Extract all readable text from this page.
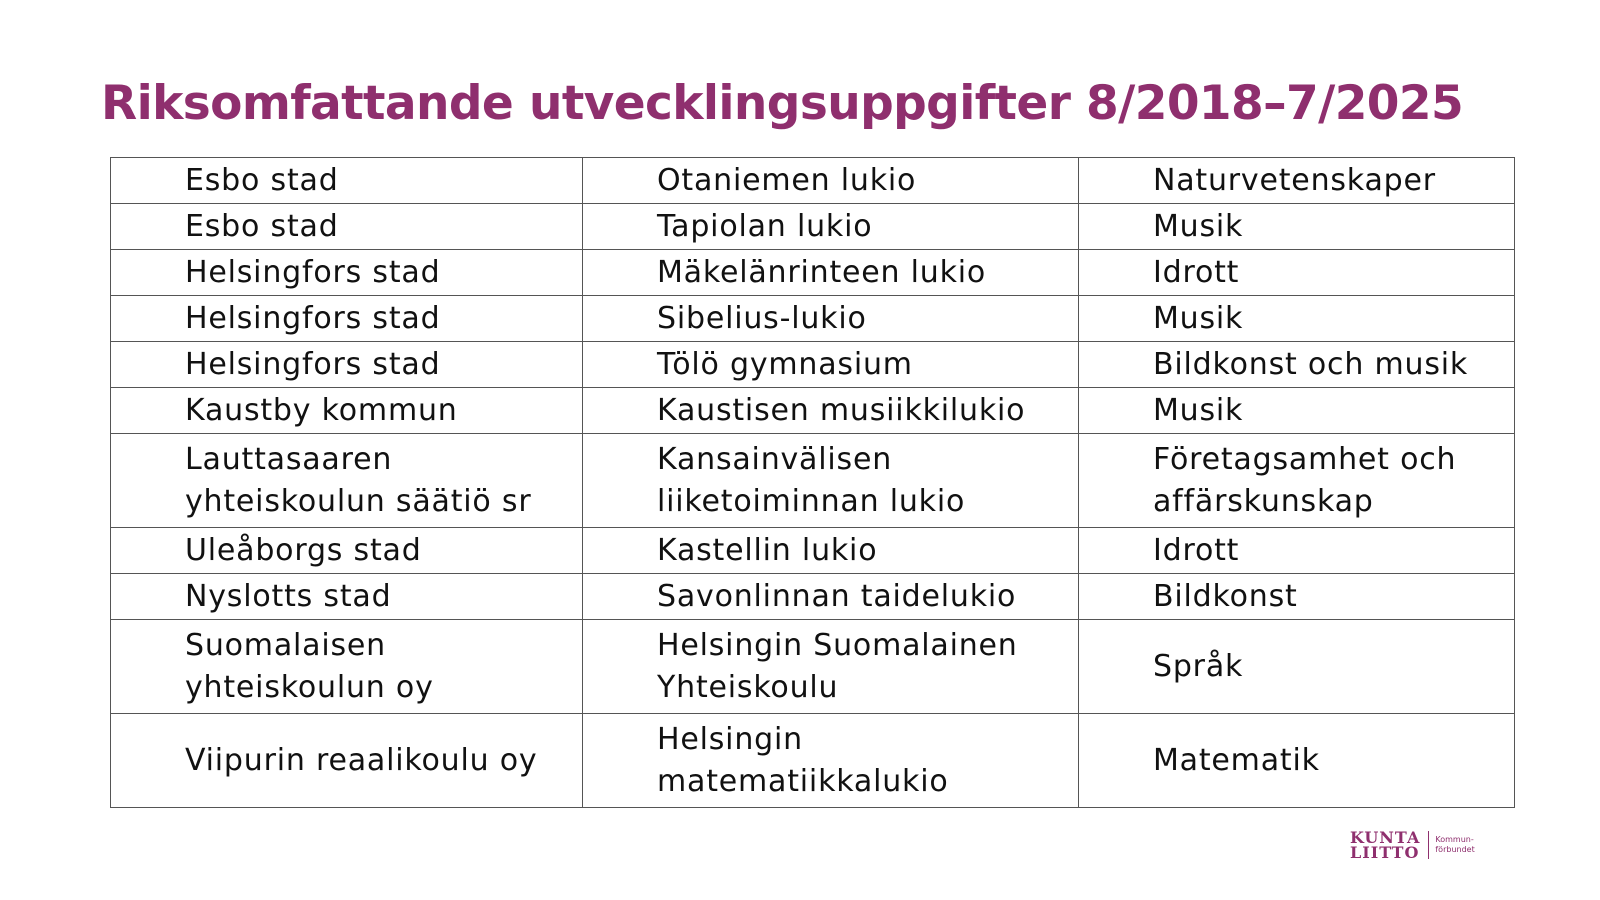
Riksomfattande utvecklingsuppgifter 8/2018–7/2025
Esbo stad	Otaniemen lukio	Naturvetenskaper
Esbo stad	Tapiolan lukio	Musik
Helsingfors stad	Mäkelänrinteen lukio	Idrott
Helsingfors stad	Sibelius-lukio	Musik
Helsingfors stad	Tölö gymnasium	Bildkonst och musik
Kaustby kommun	Kaustisen musiikkilukio	Musik
Lauttasaaren yhteiskoulun säätiö sr	Kansainvälisen liiketoiminnan lukio	Företagsamhet och affärskunskap
Uleåborgs stad	Kastellin lukio	Idrott
Nyslotts stad	Savonlinnan taidelukio	Bildkonst
Suomalaisen yhteiskoulun oy	Helsingin Suomalainen Yhteiskoulu	Språk
Viipurin reaalikoulu oy	Helsingin matematiikkalukio	Matematik
KUNTA
LIITTO
Kommun-
förbundet
